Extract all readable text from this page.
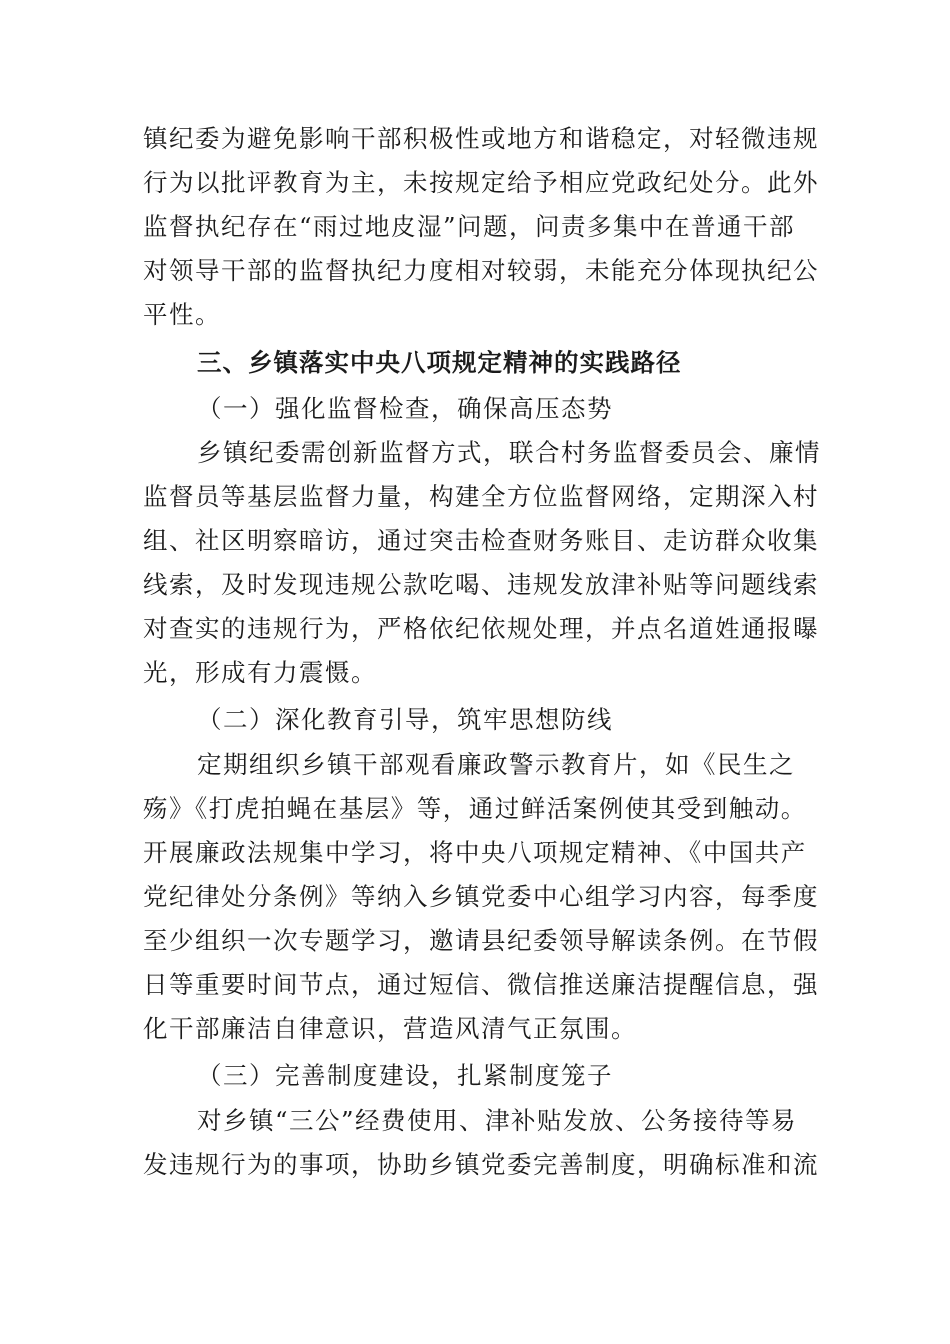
镇纪委为避免影响干部积极性或地方和谐稳定，对轻微违规
行为以批评教育为主，未按规定给予相应党政纪处分。此外
监督执纪存在“雨过地皮湿”问题，问责多集中在普通干部
对领导干部的监督执纪力度相对较弱，未能充分体现执纪公
平性。
三、乡镇落实中央八项规定精神的实践路径
（一）强化监督检查，确保高压态势
乡镇纪委需创新监督方式，联合村务监督委员会、廉情
监督员等基层监督力量，构建全方位监督网络，定期深入村
组、社区明察暗访，通过突击检查财务账目、走访群众收集
线索，及时发现违规公款吃喝、违规发放津补贴等问题线索
对查实的违规行为，严格依纪依规处理，并点名道姓通报曝
光，形成有力震慑。
（二）深化教育引导，筑牢思想防线
定期组织乡镇干部观看廉政警示教育片，如《民生之
殇》《打虎拍蝇在基层》等，通过鲜活案例使其受到触动。
开展廉政法规集中学习，将中央八项规定精神、《中国共产
党纪律处分条例》等纳入乡镇党委中心组学习内容，每季度
至少组织一次专题学习，邀请县纪委领导解读条例。在节假
日等重要时间节点，通过短信、微信推送廉洁提醒信息，强
化干部廉洁自律意识，营造风清气正氛围。
（三）完善制度建设，扎紧制度笼子
对乡镇“三公”经费使用、津补贴发放、公务接待等易
发违规行为的事项，协助乡镇党委完善制度，明确标准和流
